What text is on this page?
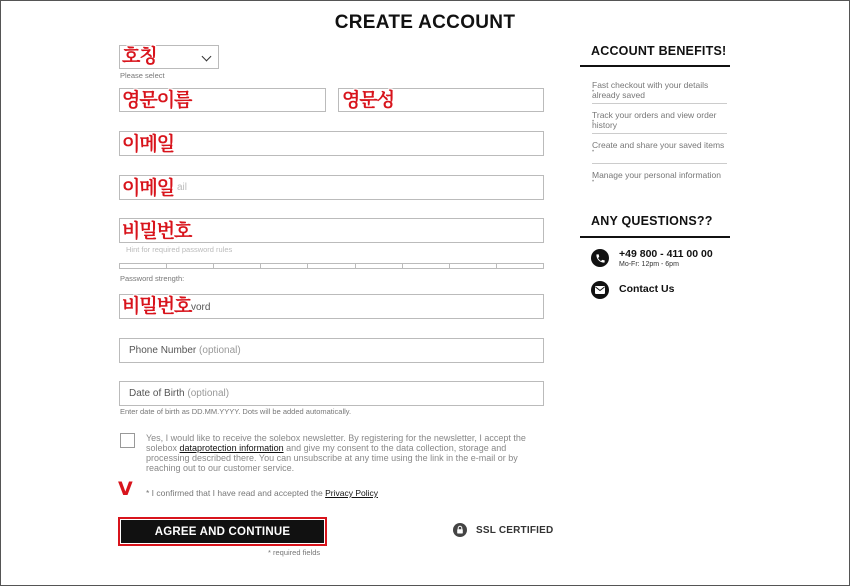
CREATE ACCOUNT
호칭
Please select
영문이름	영문성
이메일
ail
이메일
비밀번호
Hint for required password rules
Password strength:
vord
비밀번호
Phone Number (optional)
Date of Birth (optional)
Enter date of birth as DD.MM.YYYY. Dots will be added automatically.
Yes, I would like to receive the solebox newsletter. By registering for the newsletter, I accept the solebox dataprotection information and give my consent to the data collection, storage and processing described there. You can unsubscribe at any time using the link in the e-mail or by reaching out to our customer service.
V * I confirmed that I have read and accepted the Privacy Policy
AGREE AND CONTINUE
* required fields
SSL CERTIFIED
ACCOUNT BENEFITS!
• Fast checkout with your details already saved
• Track your orders and view order history
• Create and share your saved items
• Manage your personal information
ANY QUESTIONS??
+49 800 - 411 00 00
Mo-Fr: 12pm - 6pm
Contact Us
